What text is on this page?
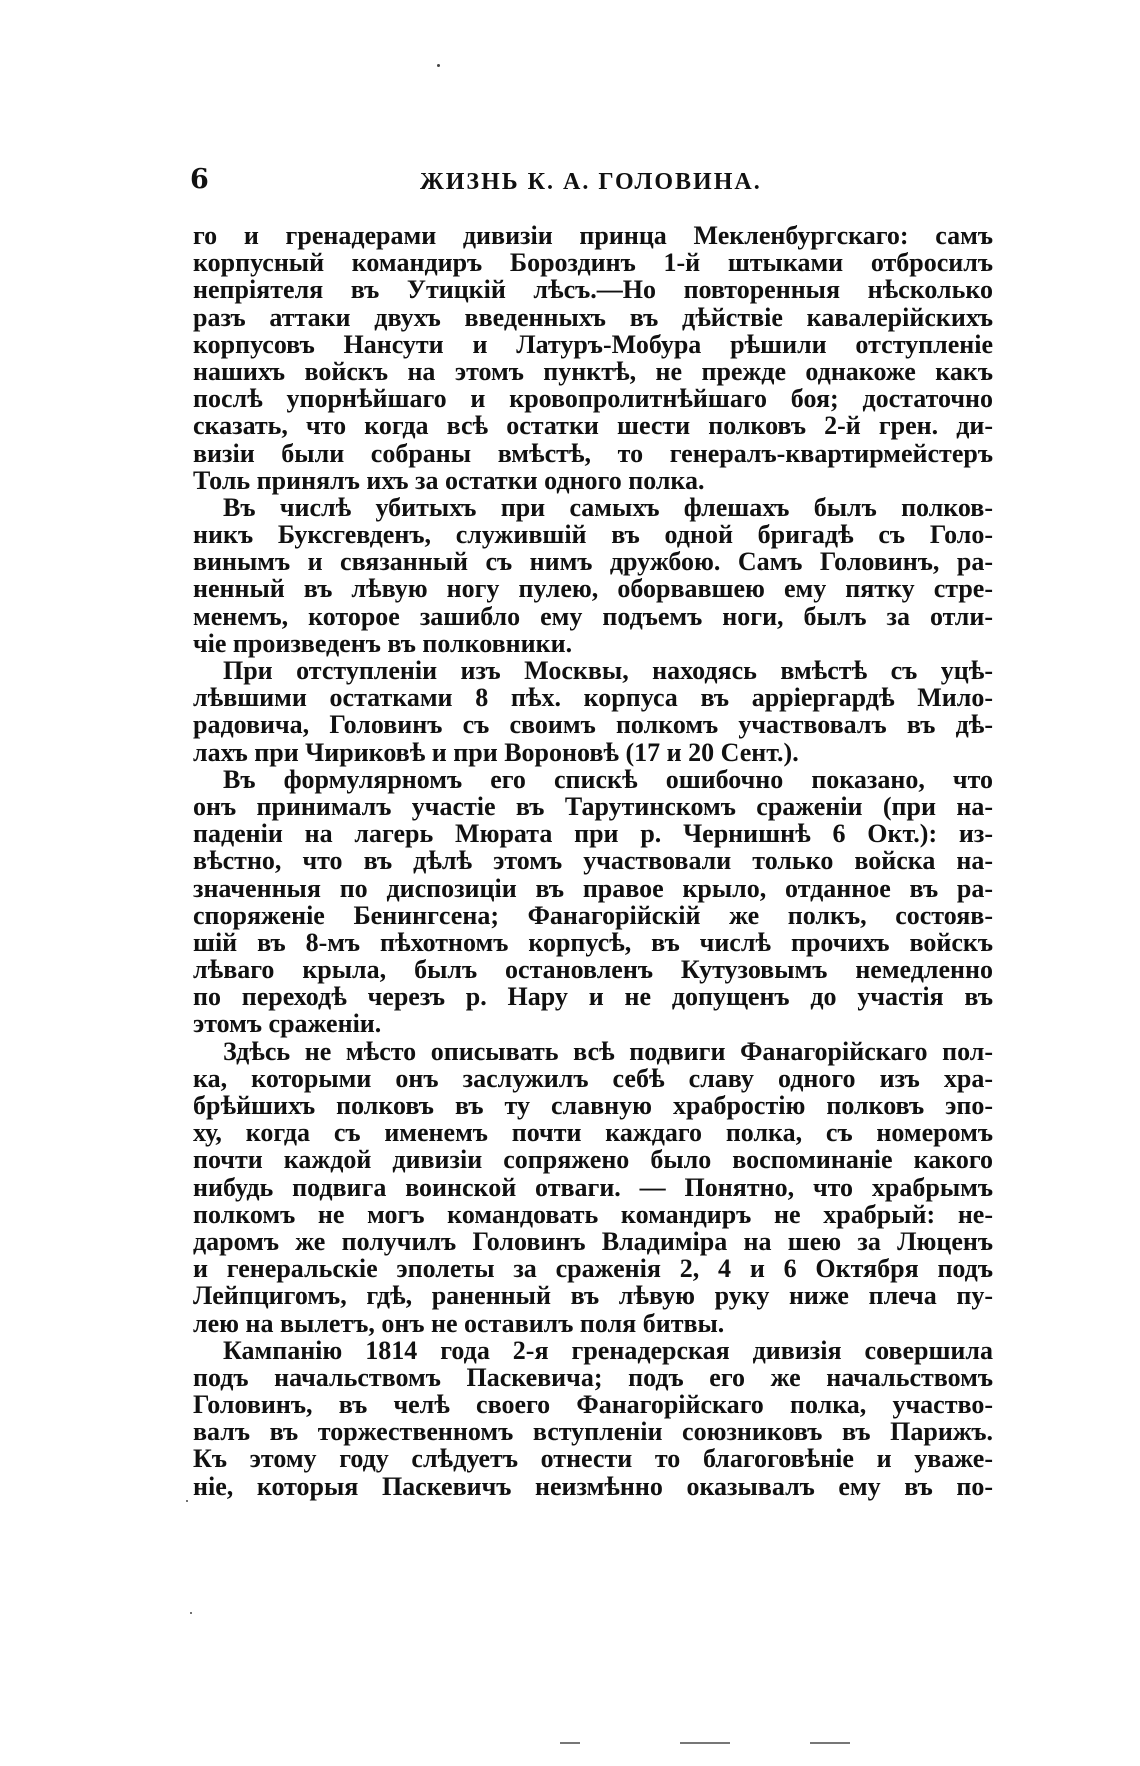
6	ЖИЗНЬ К. А. ГОЛОВИНА.
го и гренадерами дивизіи принца Мекленбургскаго: самъ
корпусный командиръ Бороздинъ 1-й штыками отбросилъ
непріятеля въ Утицкій лѣсъ.—Но повторенныя нѣсколько
разъ аттаки двухъ введенныхъ въ дѣйствіе кавалерійскихъ
корпусовъ Нансути и Латуръ-Мобура рѣшили отступленіе
нашихъ войскъ на этомъ пунктѣ, не прежде однакоже какъ
послѣ упорнѣйшаго и кровопролитнѣйшаго боя; достаточно
сказать, что когда всѣ остатки шести полковъ 2-й грен. ди-
визіи были собраны вмѣстѣ, то генералъ-квартирмейстеръ
Толь принялъ ихъ за остатки одного полка.
Въ числѣ убитыхъ при самыхъ флешахъ былъ полков-
никъ Буксгевденъ, служившій въ одной бригадѣ съ Голо-
винымъ и связанный съ нимъ дружбою. Самъ Головинъ, ра-
ненный въ лѣвую ногу пулею, оборвавшею ему пятку стре-
менемъ, которое зашибло ему подъемъ ноги, былъ за отли-
чіе произведенъ въ полковники.
При отступленіи изъ Москвы, находясь вмѣстѣ съ уцѣ-
лѣвшими остатками 8 пѣх. корпуса въ арріергардѣ Мило-
радовича, Головинъ съ своимъ полкомъ участвовалъ въ дѣ-
лахъ при Чириковѣ и при Вороновѣ (17 и 20 Сент.).
Въ формулярномъ его спискѣ ошибочно показано, что
онъ принималъ участіе въ Тарутинскомъ сраженіи (при на-
паденіи на лагерь Мюрата при р. Чернишнѣ 6 Окт.): из-
вѣстно, что въ дѣлѣ этомъ участвовали только войска на-
значенныя по диспозиціи въ правое крыло, отданное въ ра-
споряженіе Бенингсена; Фанагорійскій же полкъ, состояв-
шій въ 8-мъ пѣхотномъ корпусѣ, въ числѣ прочихъ войскъ
лѣваго крыла, былъ остановленъ Кутузовымъ немедленно
по переходѣ черезъ р. Нару и не допущенъ до участія въ
этомъ сраженіи.
Здѣсь не мѣсто описывать всѣ подвиги Фанагорійскаго пол-
ка, которыми онъ заслужилъ себѣ славу одного изъ хра-
брѣйшихъ полковъ въ ту славную храбростію полковъ эпо-
ху, когда съ именемъ почти каждаго полка, съ номеромъ
почти каждой дивизіи сопряжено было воспоминаніе какого
нибудь подвига воинской отваги. — Понятно, что храбрымъ
полкомъ не могъ командовать командиръ не храбрый: не-
даромъ же получилъ Головинъ Владиміра на шею за Люценъ
и генеральскіе эполеты за сраженія 2, 4 и 6 Октября подъ
Лейпцигомъ, гдѣ, раненный въ лѣвую руку ниже плеча пу-
лею на вылетъ, онъ не оставилъ поля битвы.
Кампанію 1814 года 2-я гренадерская дивизія совершила
подъ начальствомъ Паскевича; подъ его же начальствомъ
Головинъ, въ челѣ своего Фанагорійскаго полка, участво-
валъ въ торжественномъ вступленіи союзниковъ въ Парижъ.
Къ этому году слѣдуетъ отнести то благоговѣніе и уваже-
ніе, которыя Паскевичъ неизмѣнно оказывалъ ему въ по-
